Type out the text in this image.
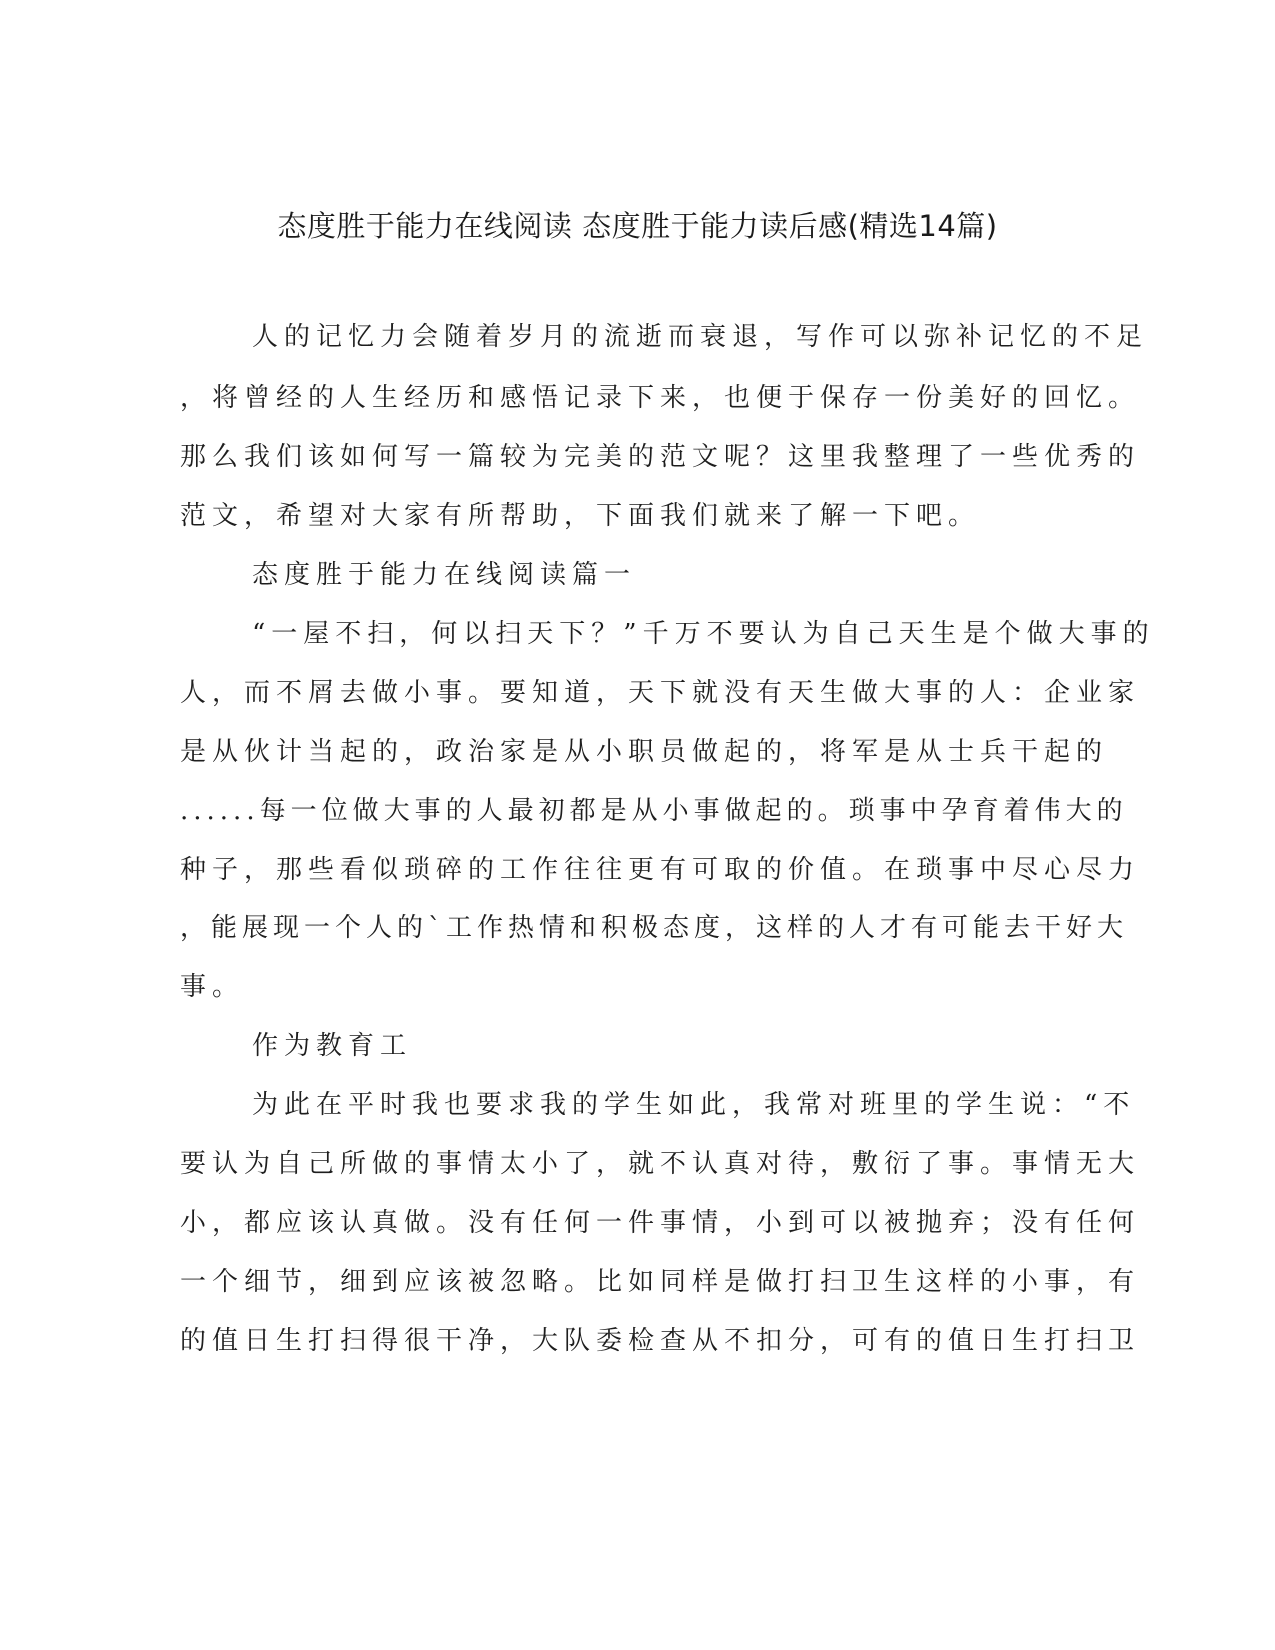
态度胜于能力在线阅读 态度胜于能力读后感(精选14篇)
人的记忆力会随着岁月的流逝而衰退，写作可以弥补记忆的不足
，将曾经的人生经历和感悟记录下来，也便于保存一份美好的回忆。
那么我们该如何写一篇较为完美的范文呢？这里我整理了一些优秀的
范文，希望对大家有所帮助，下面我们就来了解一下吧。
态度胜于能力在线阅读篇一
“一屋不扫，何以扫天下？”千万不要认为自己天生是个做大事的
人，而不屑去做小事。要知道，天下就没有天生做大事的人：企业家
是从伙计当起的，政治家是从小职员做起的，将军是从士兵干起的
......每一位做大事的人最初都是从小事做起的。琐事中孕育着伟大的
种子，那些看似琐碎的工作往往更有可取的价值。在琐事中尽心尽力
，能展现一个人的`工作热情和积极态度，这样的人才有可能去干好大
事。
作为教育工
为此在平时我也要求我的学生如此，我常对班里的学生说：“不
要认为自己所做的事情太小了，就不认真对待，敷衍了事。事情无大
小，都应该认真做。没有任何一件事情，小到可以被抛弃；没有任何
一个细节，细到应该被忽略。比如同样是做打扫卫生这样的小事，有
的值日生打扫得很干净，大队委检查从不扣分，可有的值日生打扫卫
